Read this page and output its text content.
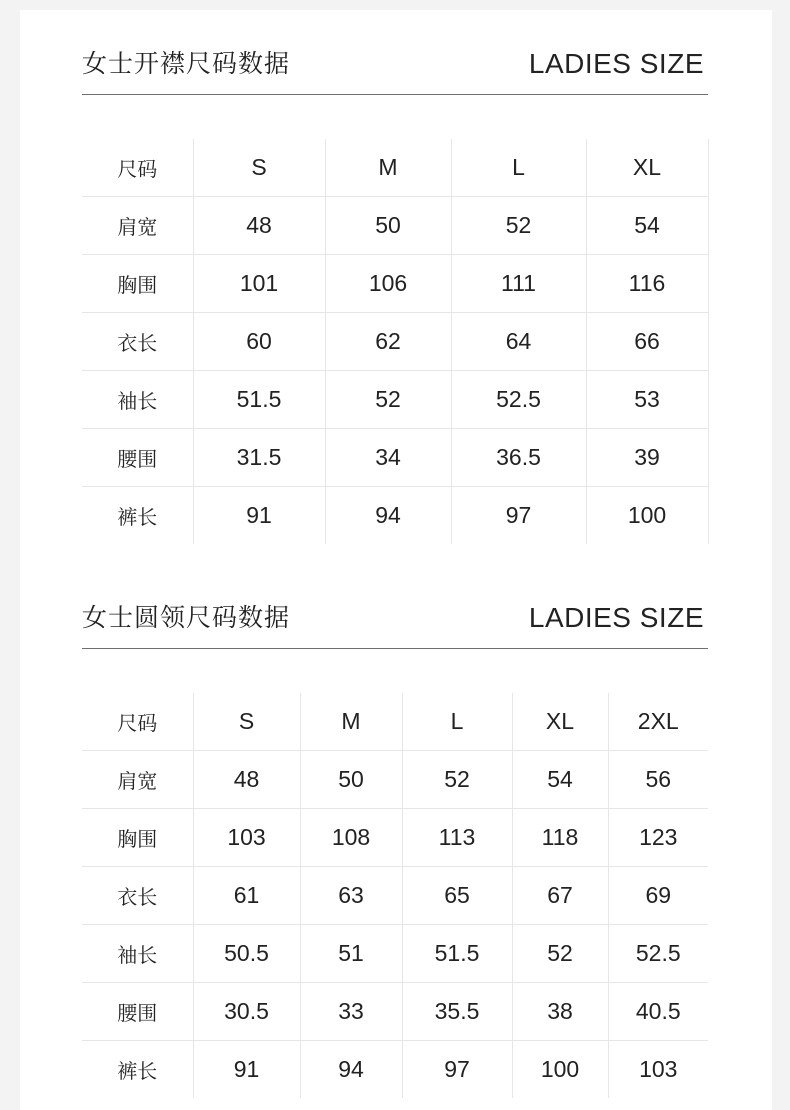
女士开襟尺码数据	LADIES SIZE
尺码	S	M	L	XL
肩宽	48	50	52	54
胸围	101	106	111	116
衣长	60	62	64	66
袖长	51.5	52	52.5	53
腰围	31.5	34	36.5	39
裤长	91	94	97	100
女士圆领尺码数据	LADIES SIZE
尺码	S	M	L	XL	2XL
肩宽	48	50	52	54	56
胸围	103	108	113	118	123
衣长	61	63	65	67	69
袖长	50.5	51	51.5	52	52.5
腰围	30.5	33	35.5	38	40.5
裤长	91	94	97	100	103
